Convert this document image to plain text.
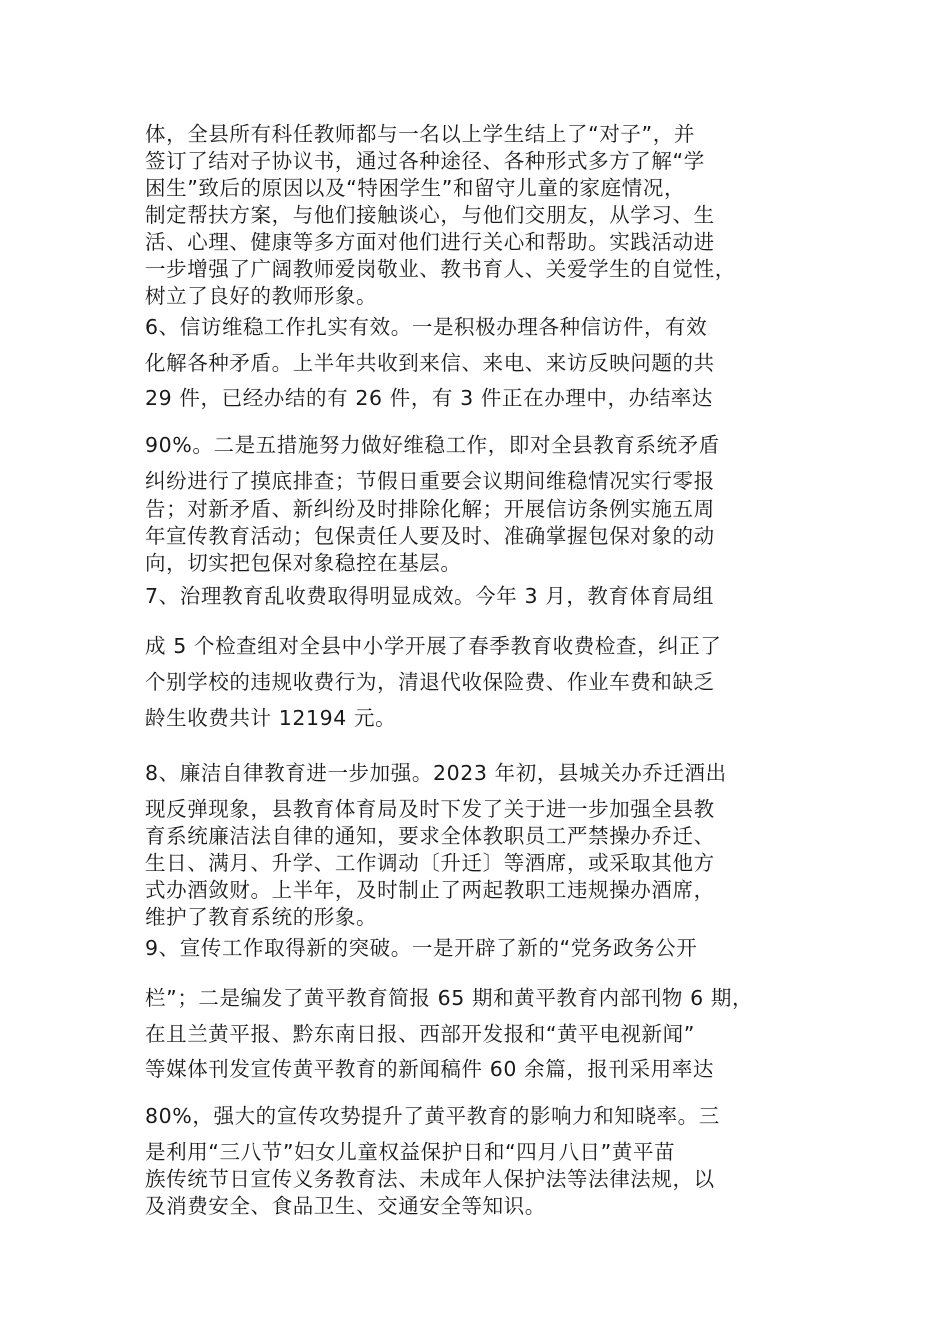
体，全县所有科任教师都与一名以上学生结上了“对子”，并
签订了结对子协议书，通过各种途径、各种形式多方了解“学
困生”致后的原因以及“特困学生”和留守儿童的家庭情况，
制定帮扶方案，与他们接触谈心，与他们交朋友，从学习、生
活、心理、健康等多方面对他们进行关心和帮助。实践活动进
一步增强了广阔教师爱岗敬业、教书育人、关爱学生的自觉性，
树立了良好的教师形象。
6、信访维稳工作扎实有效。一是积极办理各种信访件，有效
化解各种矛盾。上半年共收到来信、来电、来访反映问题的共
29 件，已经办结的有 26 件，有 3 件正在办理中，办结率达
90%。二是五措施努力做好维稳工作，即对全县教育系统矛盾
纠纷进行了摸底排查；节假日重要会议期间维稳情况实行零报
告；对新矛盾、新纠纷及时排除化解；开展信访条例实施五周
年宣传教育活动；包保责任人要及时、准确掌握包保对象的动
向，切实把包保对象稳控在基层。
7、治理教育乱收费取得明显成效。今年 3 月，教育体育局组
成 5 个检查组对全县中小学开展了春季教育收费检查，纠正了
个别学校的违规收费行为，清退代收保险费、作业车费和缺乏
龄生收费共计 12194 元。
8、廉洁自律教育进一步加强。2023 年初，县城关办乔迁酒出
现反弹现象，县教育体育局及时下发了关于进一步加强全县教
育系统廉洁法自律的通知，要求全体教职员工严禁操办乔迁、
生日、满月、升学、工作调动〔升迁〕等酒席，或采取其他方
式办酒敛财。上半年，及时制止了两起教职工违规操办酒席，
维护了教育系统的形象。
9、宣传工作取得新的突破。一是开辟了新的“党务政务公开
栏”；二是编发了黄平教育简报 65 期和黄平教育内部刊物 6 期，
在且兰黄平报、黔东南日报、西部开发报和“黄平电视新闻”
等媒体刊发宣传黄平教育的新闻稿件 60 余篇，报刊采用率达
80%，强大的宣传攻势提升了黄平教育的影响力和知晓率。三
是利用“三八节”妇女儿童权益保护日和“四月八日”黄平苗
族传统节日宣传义务教育法、未成年人保护法等法律法规，以
及消费安全、食品卫生、交通安全等知识。
